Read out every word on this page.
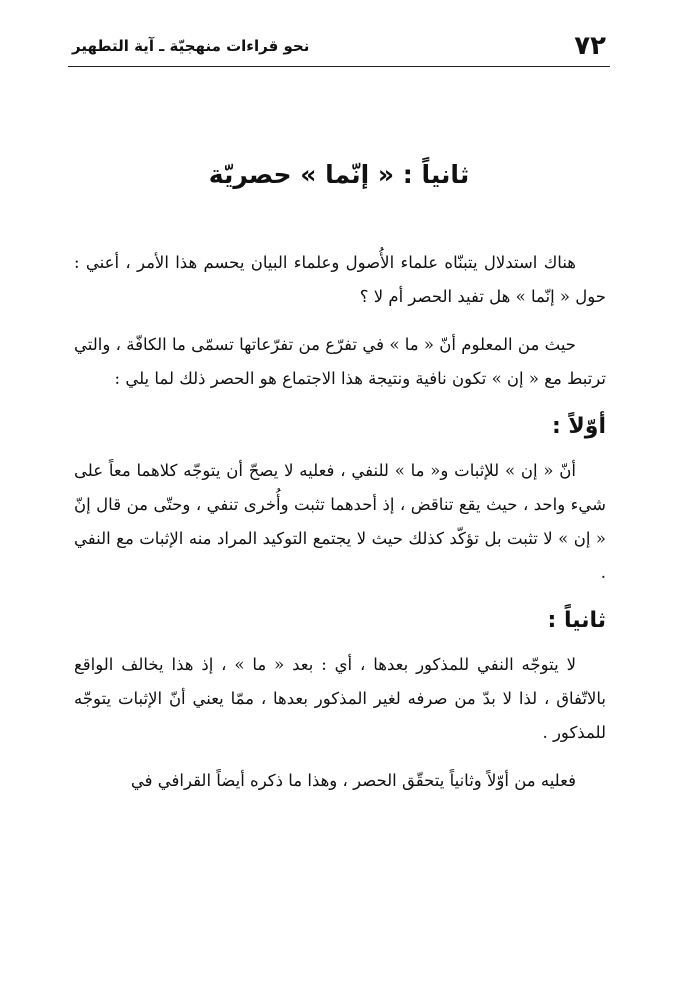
٧٢
نحو قراءات منهجيّة ـ آية التطهير
ثانياً : « إنّما » حصريّة

هناك استدلال يتبنّاه علماء الأُصول وعلماء البيان يحسم هذا الأمر ، أعني : حول « إنّما » هل تفيد الحصر أم لا ؟

حيث من المعلوم أنّ « ما » في تفرّع من تفرّعاتها تسمّى ما الكافّة ، والتي ترتبط مع « إن » تكون نافية ونتيجة هذا الاجتماع هو الحصر ذلك لما يلي :

أوّلاً :

أنّ « إن » للإثبات و« ما » للنفي ، فعليه لا يصحّ أن يتوجّه كلاهما معاً على شيء واحد ، حيث يقع تناقض ، إذ أحدهما تثبت وأُخرى تنفي ، وحتّى من قال إنّ « إن » لا تثبت بل تؤكّد كذلك حيث لا يجتمع التوكيد المراد منه الإثبات مع النفي .

ثانياً :

لا يتوجّه النفي للمذكور بعدها ، أي : بعد « ما » ، إذ هذا يخالف الواقع بالاتّفاق ، لذا لا بدّ من صرفه لغير المذكور بعدها ، ممّا يعني أنّ الإثبات يتوجّه للمذكور .

فعليه من أوّلاً وثانياً يتحقّق الحصر ، وهذا ما ذكره أيضاً القرافي في
